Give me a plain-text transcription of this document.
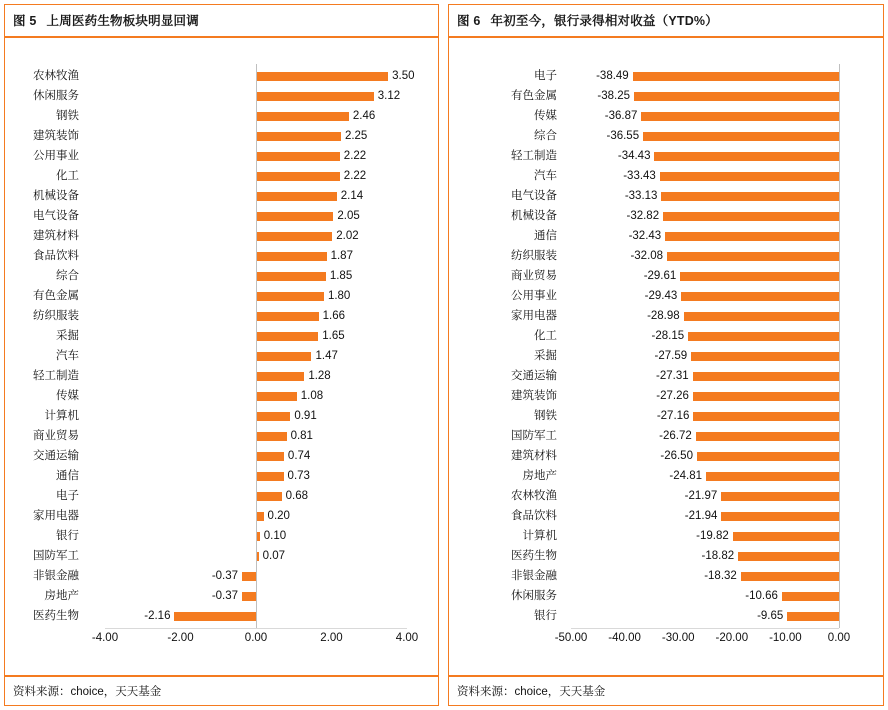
图 5 上周医药生物板块明显回调
农林牧渔	3.50
休闲服务	3.12
钢铁	2.46
建筑装饰	2.25
公用事业	2.22
化工	2.22
机械设备	2.14
电气设备	2.05
建筑材料	2.02
食品饮料	1.87
综合	1.85
有色金属	1.80
纺织服装	1.66
采掘	1.65
汽车	1.47
轻工制造	1.28
传媒	1.08
计算机	0.91
商业贸易	0.81
交通运输	0.74
通信	0.73
电子	0.68
家用电器	0.20
银行	0.10
国防军工	0.07
非银金融	-0.37
房地产	-0.37
医药生物	-2.16
-4.00	-2.00	0.00	2.00	4.00
资料来源：choice，天天基金
图 6 年初至今，银行录得相对收益（YTD%）
电子	-38.49
有色金属	-38.25
传媒	-36.87
综合	-36.55
轻工制造	-34.43
汽车	-33.43
电气设备	-33.13
机械设备	-32.82
通信	-32.43
纺织服装	-32.08
商业贸易	-29.61
公用事业	-29.43
家用电器	-28.98
化工	-28.15
采掘	-27.59
交通运输	-27.31
建筑装饰	-27.26
钢铁	-27.16
国防军工	-26.72
建筑材料	-26.50
房地产	-24.81
农林牧渔	-21.97
食品饮料	-21.94
计算机	-19.82
医药生物	-18.82
非银金融	-18.32
休闲服务	-10.66
银行	-9.65
-50.00	-40.00	-30.00	-20.00	-10.00	0.00
资料来源：choice，天天基金
